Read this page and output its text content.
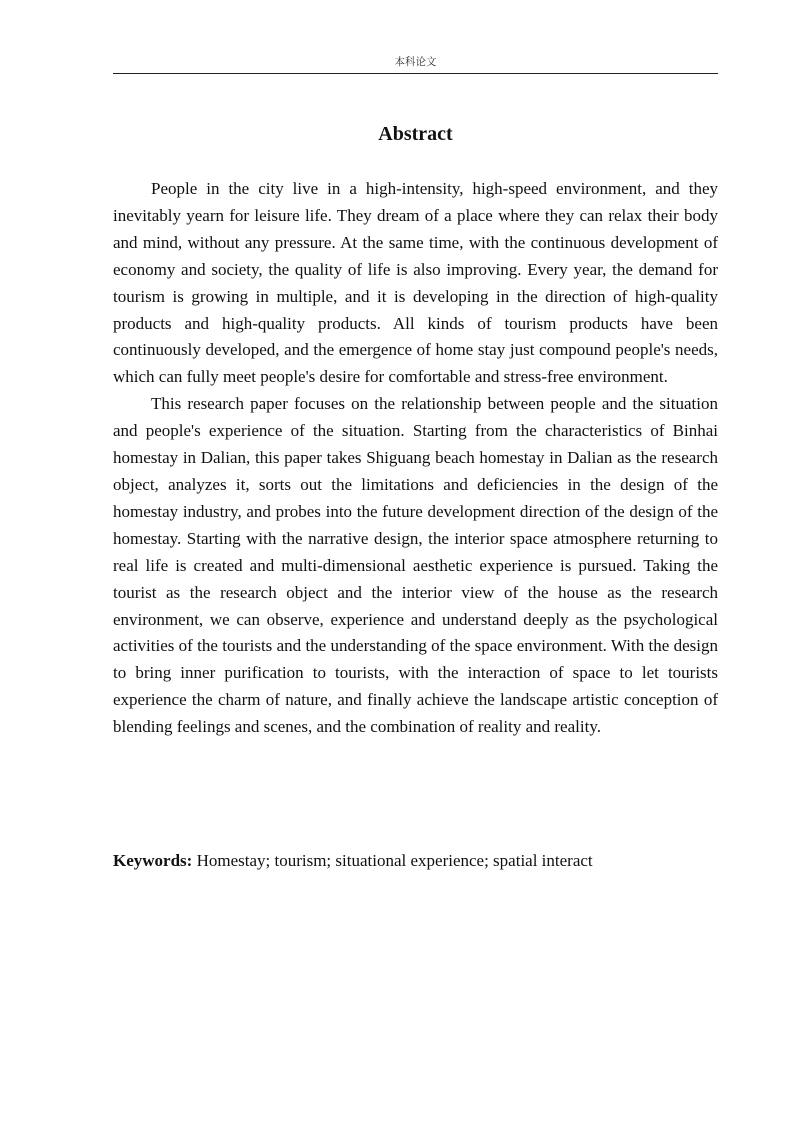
本科论文
Abstract

People in the city live in a high-intensity, high-speed environment, and they inevitably yearn for leisure life. They dream of a place where they can relax their body and mind, without any pressure. At the same time, with the continuous development of economy and society, the quality of life is also improving. Every year, the demand for tourism is growing in multiple, and it is developing in the direction of high-quality products and high-quality products. All kinds of tourism products have been continuously developed, and the emergence of home stay just compound people's needs, which can fully meet people's desire for comfortable and stress-free environment.

This research paper focuses on the relationship between people and the situation and people's experience of the situation. Starting from the characteristics of Binhai homestay in Dalian, this paper takes Shiguang beach homestay in Dalian as the research object, analyzes it, sorts out the limitations and deficiencies in the design of the homestay industry, and probes into the future development direction of the design of the homestay. Starting with the narrative design, the interior space atmosphere returning to real life is created and multi-dimensional aesthetic experience is pursued. Taking the tourist as the research object and the interior view of the house as the research environment, we can observe, experience and understand deeply as the psychological activities of the tourists and the understanding of the space environment. With the design to bring inner purification to tourists, with the interaction of space to let tourists experience the charm of nature, and finally achieve the landscape artistic conception of blending feelings and scenes, and the combination of reality and reality.

Keywords: Homestay; tourism; situational experience; spatial interact
